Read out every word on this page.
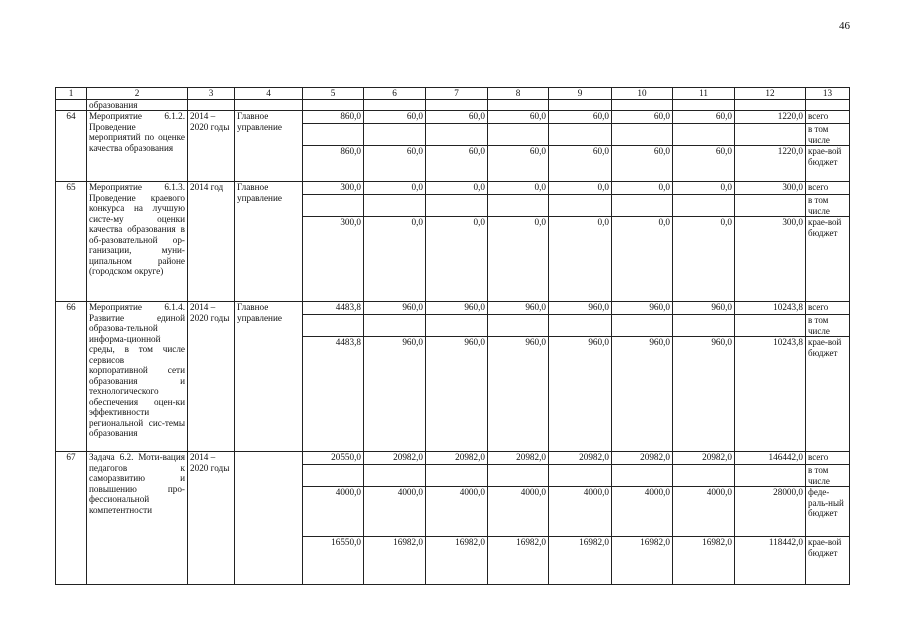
46
1	2	3	4	5	6	7	8	9	10	11	12	13
	образования											
64	Мероприятие 6.1.2. Проведение мероприятий по оценке качества образования	2014 – 2020 годы	Главное управление	860,0	60,0	60,0	60,0	60,0	60,0	60,0	1220,0	всего
												в том числе
				860,0	60,0	60,0	60,0	60,0	60,0	60,0	1220,0	крае-вой бюджет
65	Мероприятие 6.1.3. Проведение краевого конкурса на лучшую систе-му оценки качества образования в об-разовательной ор-ганизации, муни-ципальном районе (городском округе)	2014 год	Главное управление	300,0	0,0	0,0	0,0	0,0	0,0	0,0	300,0	всего
												в том числе
				300,0	0,0	0,0	0,0	0,0	0,0	0,0	300,0	крае-вой бюджет
66	Мероприятие 6.1.4. Развитие единой образова-тельной информа-ционной среды, в том числе сервисов корпоративной сети образования и технологического обеспечения оцен-ки эффективности региональной сис-темы образования	2014 – 2020 годы	Главное управление	4483,8	960,0	960,0	960,0	960,0	960,0	960,0	10243,8	всего
												в том числе
				4483,8	960,0	960,0	960,0	960,0	960,0	960,0	10243,8	крае-вой бюджет
67	Задача 6.2. Моти-вация педагогов к саморазвитию и повышению про-фессиональной компетентности	2014 – 2020 годы		20550,0	20982,0	20982,0	20982,0	20982,0	20982,0	20982,0	146442,0	всего
												в том числе
				4000,0	4000,0	4000,0	4000,0	4000,0	4000,0	4000,0	28000,0	феде-раль-ный бюджет
				16550,0	16982,0	16982,0	16982,0	16982,0	16982,0	16982,0	118442,0	крае-вой бюджет
